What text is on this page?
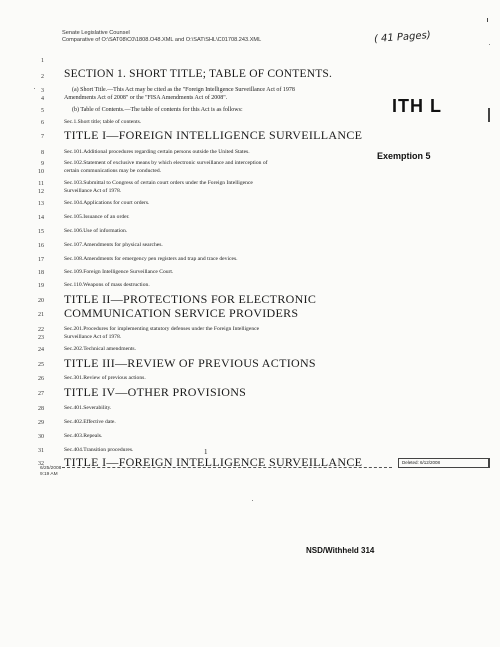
Senate Legislative Counsel
Comparative of O:\SAT08\C0\1808.O48.XML and O:\SAT\SHL\C01708.243.XML	( 41 Pages)
1
2 SECTION 1. SHORT TITLE; TABLE OF CONTENTS.
3	(a) Short Title.—This Act may be cited as the "Foreign Intelligence Surveillance Act of 1978
4	Amendments Act of 2008" or the "FISA Amendments Act of 2008".
5	(b) Table of Contents.—The table of contents for this Act is as follows:
6	Sec.1.Short title; table of contents.
7 TITLE I—FOREIGN INTELLIGENCE SURVEILLANCE
8	Sec.101.Additional procedures regarding certain persons outside the United States.
9	Sec.102.Statement of exclusive means by which electronic surveillance and interception of
10	certain communications may be conducted.
11	Sec.103.Submittal to Congress of certain court orders under the Foreign Intelligence
12	Surveillance Act of 1978.
13	Sec.104.Applications for court orders.
14	Sec.105.Issuance of an order.
15	Sec.106.Use of information.
16	Sec.107.Amendments for physical searches.
17	Sec.108.Amendments for emergency pen registers and trap and trace devices.
18	Sec.109.Foreign Intelligence Surveillance Court.
19	Sec.110.Weapons of mass destruction.
20 TITLE II—PROTECTIONS FOR ELECTRONIC
21 COMMUNICATION SERVICE PROVIDERS
22	Sec.201.Procedures for implementing statutory defenses under the Foreign Intelligence
23	Surveillance Act of 1978.
24	Sec.202.Technical amendments.
25 TITLE III—REVIEW OF PREVIOUS ACTIONS
26	Sec.301.Review of previous actions.
27 TITLE IV—OTHER PROVISIONS
28	Sec.401.Severability.
29	Sec.402.Effective date.
30	Sec.403.Repeals.
31	Sec.404.Transition procedures.
32 TITLE I—FOREIGN INTELLIGENCE SURVEILLANCE
ITH L
Exemption 5
1
Deleted: 6/12/2008
6/25/2008
9:19 AM
NSD/Withheld 314
